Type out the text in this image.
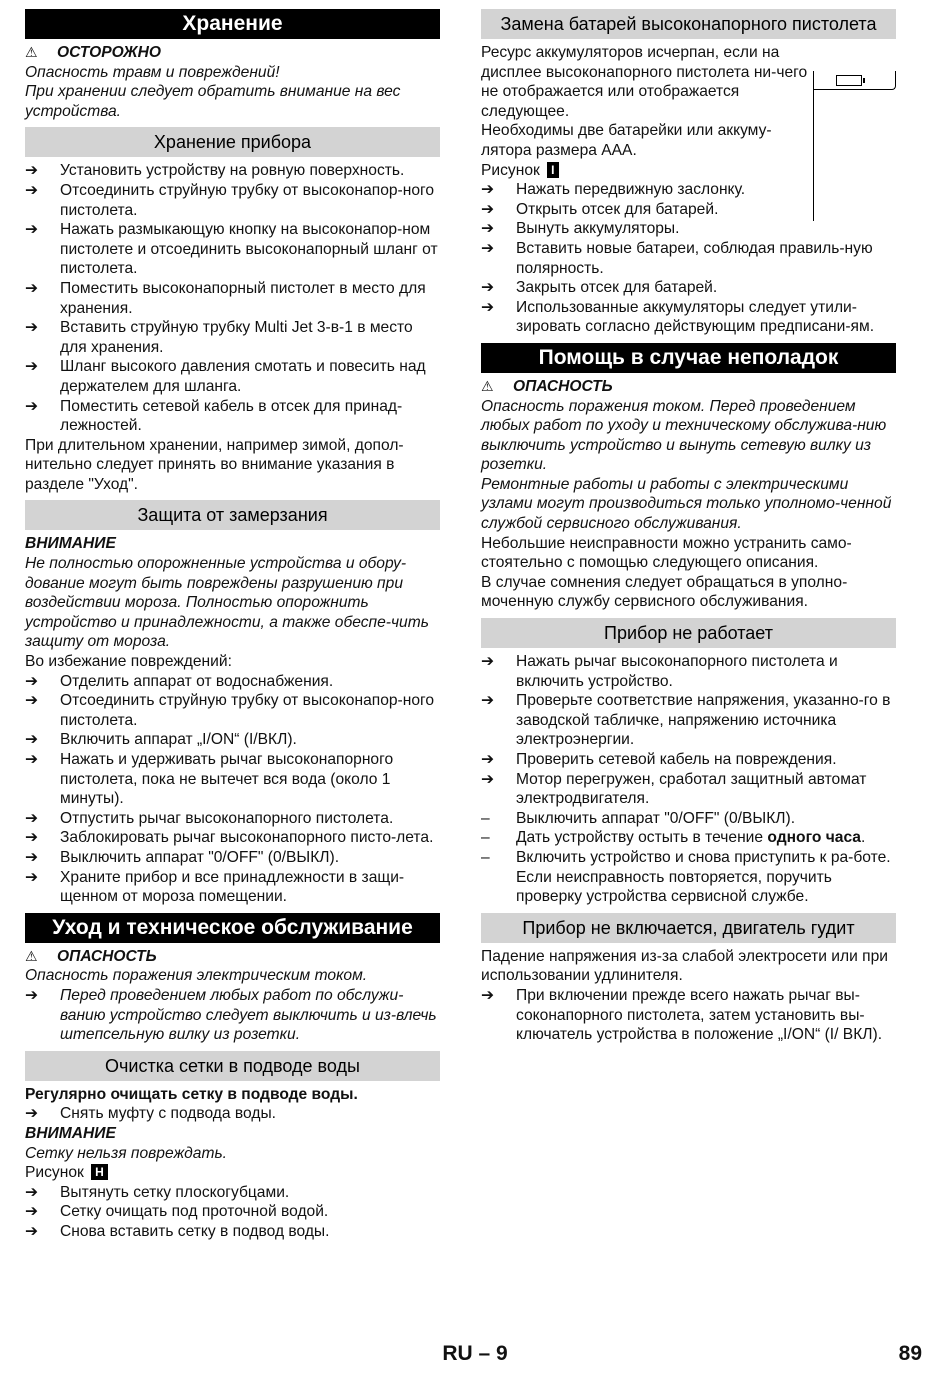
Хранение
⚠	ОСТОРОЖНО

Опасность травм и повреждений!

При хранении следует обратить внимание на вес устройства.

Хранение прибора
➔	Установить устройству на ровную поверхность.
➔	Отсоединить струйную трубку от высоконапор-ного пистолета.
➔	Нажать размыкающую кнопку на высоконапор-ном пистолете и отсоединить высоконапорный шланг от пистолета.
➔	Поместить высоконапорный пистолет в место для хранения.
➔	Вставить струйную трубку Multi Jet 3-в-1 в место для хранения.
➔	Шланг высокого давления смотать и повесить над держателем для шланга.
➔	Поместить сетевой кабель в отсек для принад-лежностей.

При длительном хранении, например зимой, допол-нительно следует принять во внимание указания в разделе "Уход".

Защита от замерзания
ВНИМАНИЕ

Не полностью опорожненные устройства и обору-дование могут быть повреждены разрушению при воздействии мороза. Полностью опорожнить устройство и принадлежности, а также обеспе-чить защиту от мороза.

Во избежание повреждений:

➔	Отделить аппарат от водоснабжения.
➔	Отсоединить струйную трубку от высоконапор-ного пистолета.
➔	Включить аппарат „I/ON“ (I/ВКЛ).
➔	Нажать и удерживать рычаг высоконапорного пистолета, пока не вытечет вся вода (около 1 минуты).
➔	Отпустить рычаг высоконапорного пистолета.
➔	Заблокировать рычаг высоконапорного писто-лета.
➔	Выключить аппарат "0/OFF" (0/ВЫКЛ).
➔	Храните прибор и все принадлежности в защи-щенном от мороза помещении.
Уход и техническое обслуживание
⚠	ОПАСНОСТЬ

Опасность поражения электрическим током.

➔	Перед проведением любых работ по обслужи-ванию устройство следует выключить и из-влечь штепсельную вилку из розетки.
Очистка сетки в подводе воды

Регулярно очищать сетку в подводе воды.

➔	Снять муфту с подвода воды.
ВНИМАНИЕ

Сетку нельзя повреждать.

Рисунок H

➔	Вытянуть сетку плоскогубцами.
➔	Сетку очищать под проточной водой.
➔	Снова вставить сетку в подвод воды.
Замена батарей высоконапорного пистолета

Ресурс аккумуляторов исчерпан, если на дисплее высоконапорного пистолета ни-чего не отображается или отображается следующее.

Необходимы две батарейки или аккуму-лятора размера AAA.

Рисунок I

➔	Нажать передвижную заслонку.
➔	Открыть отсек для батарей.
➔	Вынуть аккумуляторы.
➔	Вставить новые батареи, соблюдая правиль-ную полярность.
➔	Закрыть отсек для батарей.
➔	Использованные аккумуляторы следует утили-зировать согласно действующим предписани-ям.
Помощь в случае неполадок
⚠	ОПАСНОСТЬ

Опасность поражения током. Перед проведением любых работ по уходу и техническому обслужива-нию выключить устройство и вынуть сетевую вилку из розетки.

Ремонтные работы и работы с электрическими узлами могут производиться только уполномо-ченной службой сервисного обслуживания.

Небольшие неисправности можно устранить само-стоятельно с помощью следующего описания.

В случае сомнения следует обращаться в уполно-моченную службу сервисного обслуживания.

Прибор не работает
➔	Нажать рычаг высоконапорного пистолета и включить устройство.
➔	Проверьте соответствие напряжения, указанно-го в заводской табличке, напряжению источника электроэнергии.
➔	Проверить сетевой кабель на повреждения.
➔	Мотор перегружен, сработал защитный автомат электродвигателя.
–	Выключить аппарат "0/OFF" (0/ВЫКЛ).
–	Дать устройству остыть в течение одного часа.
–	Включить устройство и снова приступить к ра-боте.
Если неисправность повторяется, поручить проверку устройства сервисной службе.
Прибор не включается, двигатель гудит

Падение напряжения из-за слабой электросети или при использовании удлинителя.

➔	При включении прежде всего нажать рычаг вы-соконапорного пистолета, затем установить вы-ключатель устройства в положение „I/ON“ (I/ ВКЛ).
RU – 9	89
